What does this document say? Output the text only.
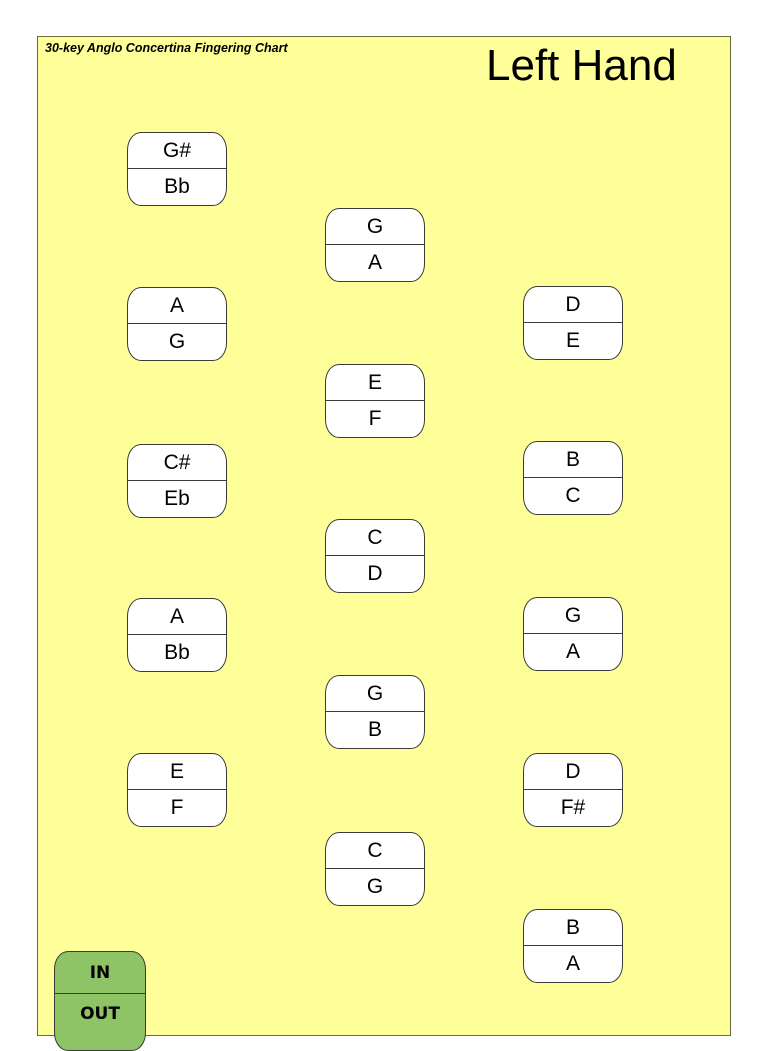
30-key Anglo Concertina Fingering Chart	Left Hand
G#
Bb
A
G
C#
Eb
A
Bb
E
F
G
A
E
F
C
D
G
B
C
G
D
E
B
C
G
A
D
F#
B
A
IN
OUT
